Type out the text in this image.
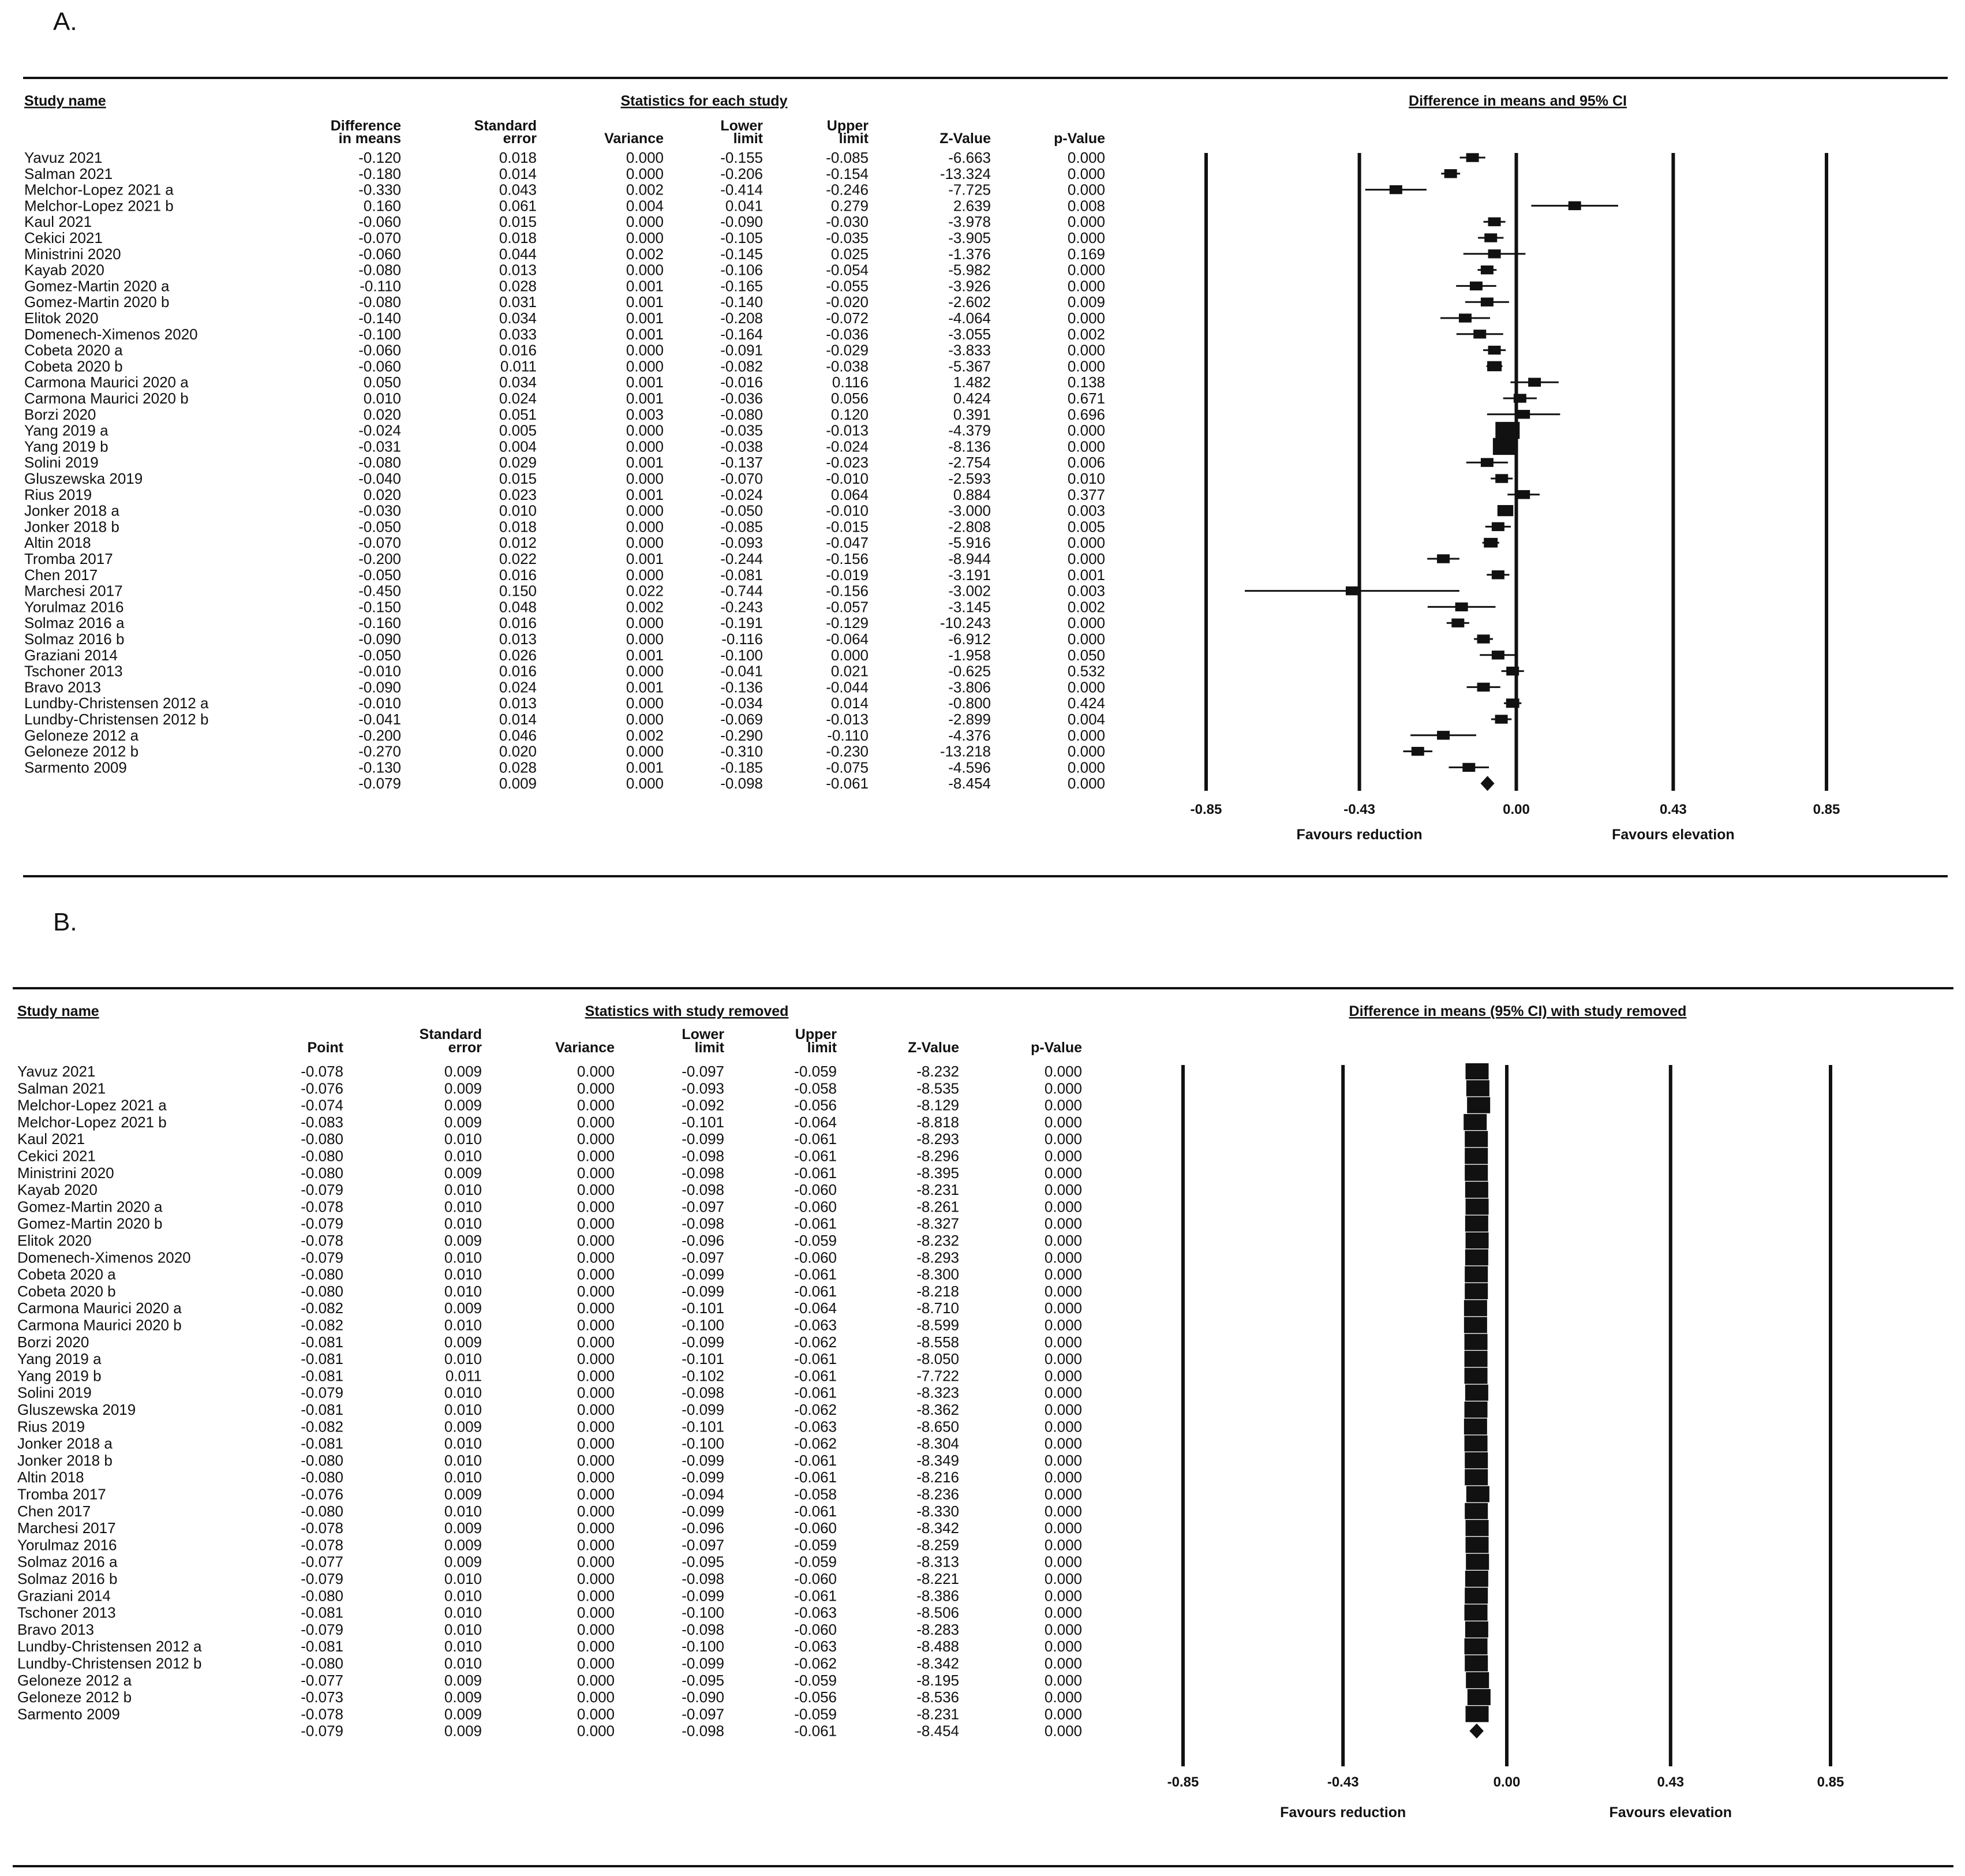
A.
Study name	Statistics for each study	Difference in means and 95% CI
Difference
in means
Standard
error	Variance
Lower
limit
Upper
limit	Z-Value	p-Value
Yavuz 2021	-0.120	0.018	0.000	-0.155	-0.085	-6.663	0.000
Salman 2021	-0.180	0.014	0.000	-0.206	-0.154	-13.324	0.000
Melchor-Lopez 2021 a	-0.330	0.043	0.002	-0.414	-0.246	-7.725	0.000
Melchor-Lopez 2021 b	0.160	0.061	0.004	0.041	0.279	2.639	0.008
Kaul 2021	-0.060	0.015	0.000	-0.090	-0.030	-3.978	0.000
Cekici 2021	-0.070	0.018	0.000	-0.105	-0.035	-3.905	0.000
Ministrini 2020	-0.060	0.044	0.002	-0.145	0.025	-1.376	0.169
Kayab 2020	-0.080	0.013	0.000	-0.106	-0.054	-5.982	0.000
Gomez-Martin 2020 a	-0.110	0.028	0.001	-0.165	-0.055	-3.926	0.000
Gomez-Martin 2020 b	-0.080	0.031	0.001	-0.140	-0.020	-2.602	0.009
Elitok 2020	-0.140	0.034	0.001	-0.208	-0.072	-4.064	0.000
Domenech-Ximenos 2020	-0.100	0.033	0.001	-0.164	-0.036	-3.055	0.002
Cobeta 2020 a	-0.060	0.016	0.000	-0.091	-0.029	-3.833	0.000
Cobeta 2020 b	-0.060	0.011	0.000	-0.082	-0.038	-5.367	0.000
Carmona Maurici 2020 a	0.050	0.034	0.001	-0.016	0.116	1.482	0.138
Carmona Maurici 2020 b	0.010	0.024	0.001	-0.036	0.056	0.424	0.671
Borzi 2020	0.020	0.051	0.003	-0.080	0.120	0.391	0.696
Yang 2019 a	-0.024	0.005	0.000	-0.035	-0.013	-4.379	0.000
Yang 2019 b	-0.031	0.004	0.000	-0.038	-0.024	-8.136	0.000
Solini 2019	-0.080	0.029	0.001	-0.137	-0.023	-2.754	0.006
Gluszewska 2019	-0.040	0.015	0.000	-0.070	-0.010	-2.593	0.010
Rius 2019	0.020	0.023	0.001	-0.024	0.064	0.884	0.377
Jonker 2018 a	-0.030	0.010	0.000	-0.050	-0.010	-3.000	0.003
Jonker 2018 b	-0.050	0.018	0.000	-0.085	-0.015	-2.808	0.005
Altin 2018	-0.070	0.012	0.000	-0.093	-0.047	-5.916	0.000
Tromba 2017	-0.200	0.022	0.001	-0.244	-0.156	-8.944	0.000
Chen 2017	-0.050	0.016	0.000	-0.081	-0.019	-3.191	0.001
Marchesi 2017	-0.450	0.150	0.022	-0.744	-0.156	-3.002	0.003
Yorulmaz 2016	-0.150	0.048	0.002	-0.243	-0.057	-3.145	0.002
Solmaz 2016 a	-0.160	0.016	0.000	-0.191	-0.129	-10.243	0.000
Solmaz 2016 b	-0.090	0.013	0.000	-0.116	-0.064	-6.912	0.000
Graziani 2014	-0.050	0.026	0.001	-0.100	0.000	-1.958	0.050
Tschoner 2013	-0.010	0.016	0.000	-0.041	0.021	-0.625	0.532
Bravo 2013	-0.090	0.024	0.001	-0.136	-0.044	-3.806	0.000
Lundby-Christensen 2012 a	-0.010	0.013	0.000	-0.034	0.014	-0.800	0.424
Lundby-Christensen 2012 b	-0.041	0.014	0.000	-0.069	-0.013	-2.899	0.004
Geloneze 2012 a	-0.200	0.046	0.002	-0.290	-0.110	-4.376	0.000
Geloneze 2012 b	-0.270	0.020	0.000	-0.310	-0.230	-13.218	0.000
Sarmento 2009	-0.130	0.028	0.001	-0.185	-0.075	-4.596	0.000
-0.079	0.009	0.000	-0.098	-0.061	-8.454	0.000
-0.85	-0.43	0.00	0.43	0.85
Favours reduction	Favours elevation
B.
Study name	Statistics with study removed	Difference in means (95% CI) with study removed
Point
Standard
error	Variance
Lower
limit
Upper
limit	Z-Value	p-Value
Yavuz 2021	-0.078	0.009	0.000	-0.097	-0.059	-8.232	0.000
Salman 2021	-0.076	0.009	0.000	-0.093	-0.058	-8.535	0.000
Melchor-Lopez 2021 a	-0.074	0.009	0.000	-0.092	-0.056	-8.129	0.000
Melchor-Lopez 2021 b	-0.083	0.009	0.000	-0.101	-0.064	-8.818	0.000
Kaul 2021	-0.080	0.010	0.000	-0.099	-0.061	-8.293	0.000
Cekici 2021	-0.080	0.010	0.000	-0.098	-0.061	-8.296	0.000
Ministrini 2020	-0.080	0.009	0.000	-0.098	-0.061	-8.395	0.000
Kayab 2020	-0.079	0.010	0.000	-0.098	-0.060	-8.231	0.000
Gomez-Martin 2020 a	-0.078	0.010	0.000	-0.097	-0.060	-8.261	0.000
Gomez-Martin 2020 b	-0.079	0.010	0.000	-0.098	-0.061	-8.327	0.000
Elitok 2020	-0.078	0.009	0.000	-0.096	-0.059	-8.232	0.000
Domenech-Ximenos 2020	-0.079	0.010	0.000	-0.097	-0.060	-8.293	0.000
Cobeta 2020 a	-0.080	0.010	0.000	-0.099	-0.061	-8.300	0.000
Cobeta 2020 b	-0.080	0.010	0.000	-0.099	-0.061	-8.218	0.000
Carmona Maurici 2020 a	-0.082	0.009	0.000	-0.101	-0.064	-8.710	0.000
Carmona Maurici 2020 b	-0.082	0.010	0.000	-0.100	-0.063	-8.599	0.000
Borzi 2020	-0.081	0.009	0.000	-0.099	-0.062	-8.558	0.000
Yang 2019 a	-0.081	0.010	0.000	-0.101	-0.061	-8.050	0.000
Yang 2019 b	-0.081	0.011	0.000	-0.102	-0.061	-7.722	0.000
Solini 2019	-0.079	0.010	0.000	-0.098	-0.061	-8.323	0.000
Gluszewska 2019	-0.081	0.010	0.000	-0.099	-0.062	-8.362	0.000
Rius 2019	-0.082	0.009	0.000	-0.101	-0.063	-8.650	0.000
Jonker 2018 a	-0.081	0.010	0.000	-0.100	-0.062	-8.304	0.000
Jonker 2018 b	-0.080	0.010	0.000	-0.099	-0.061	-8.349	0.000
Altin 2018	-0.080	0.010	0.000	-0.099	-0.061	-8.216	0.000
Tromba 2017	-0.076	0.009	0.000	-0.094	-0.058	-8.236	0.000
Chen 2017	-0.080	0.010	0.000	-0.099	-0.061	-8.330	0.000
Marchesi 2017	-0.078	0.009	0.000	-0.096	-0.060	-8.342	0.000
Yorulmaz 2016	-0.078	0.009	0.000	-0.097	-0.059	-8.259	0.000
Solmaz 2016 a	-0.077	0.009	0.000	-0.095	-0.059	-8.313	0.000
Solmaz 2016 b	-0.079	0.010	0.000	-0.098	-0.060	-8.221	0.000
Graziani 2014	-0.080	0.010	0.000	-0.099	-0.061	-8.386	0.000
Tschoner 2013	-0.081	0.010	0.000	-0.100	-0.063	-8.506	0.000
Bravo 2013	-0.079	0.010	0.000	-0.098	-0.060	-8.283	0.000
Lundby-Christensen 2012 a	-0.081	0.010	0.000	-0.100	-0.063	-8.488	0.000
Lundby-Christensen 2012 b	-0.080	0.010	0.000	-0.099	-0.062	-8.342	0.000
Geloneze 2012 a	-0.077	0.009	0.000	-0.095	-0.059	-8.195	0.000
Geloneze 2012 b	-0.073	0.009	0.000	-0.090	-0.056	-8.536	0.000
Sarmento 2009	-0.078	0.009	0.000	-0.097	-0.059	-8.231	0.000
-0.079	0.009	0.000	-0.098	-0.061	-8.454	0.000
-0.85	-0.43	0.00	0.43	0.85
Favours reduction	Favours elevation
